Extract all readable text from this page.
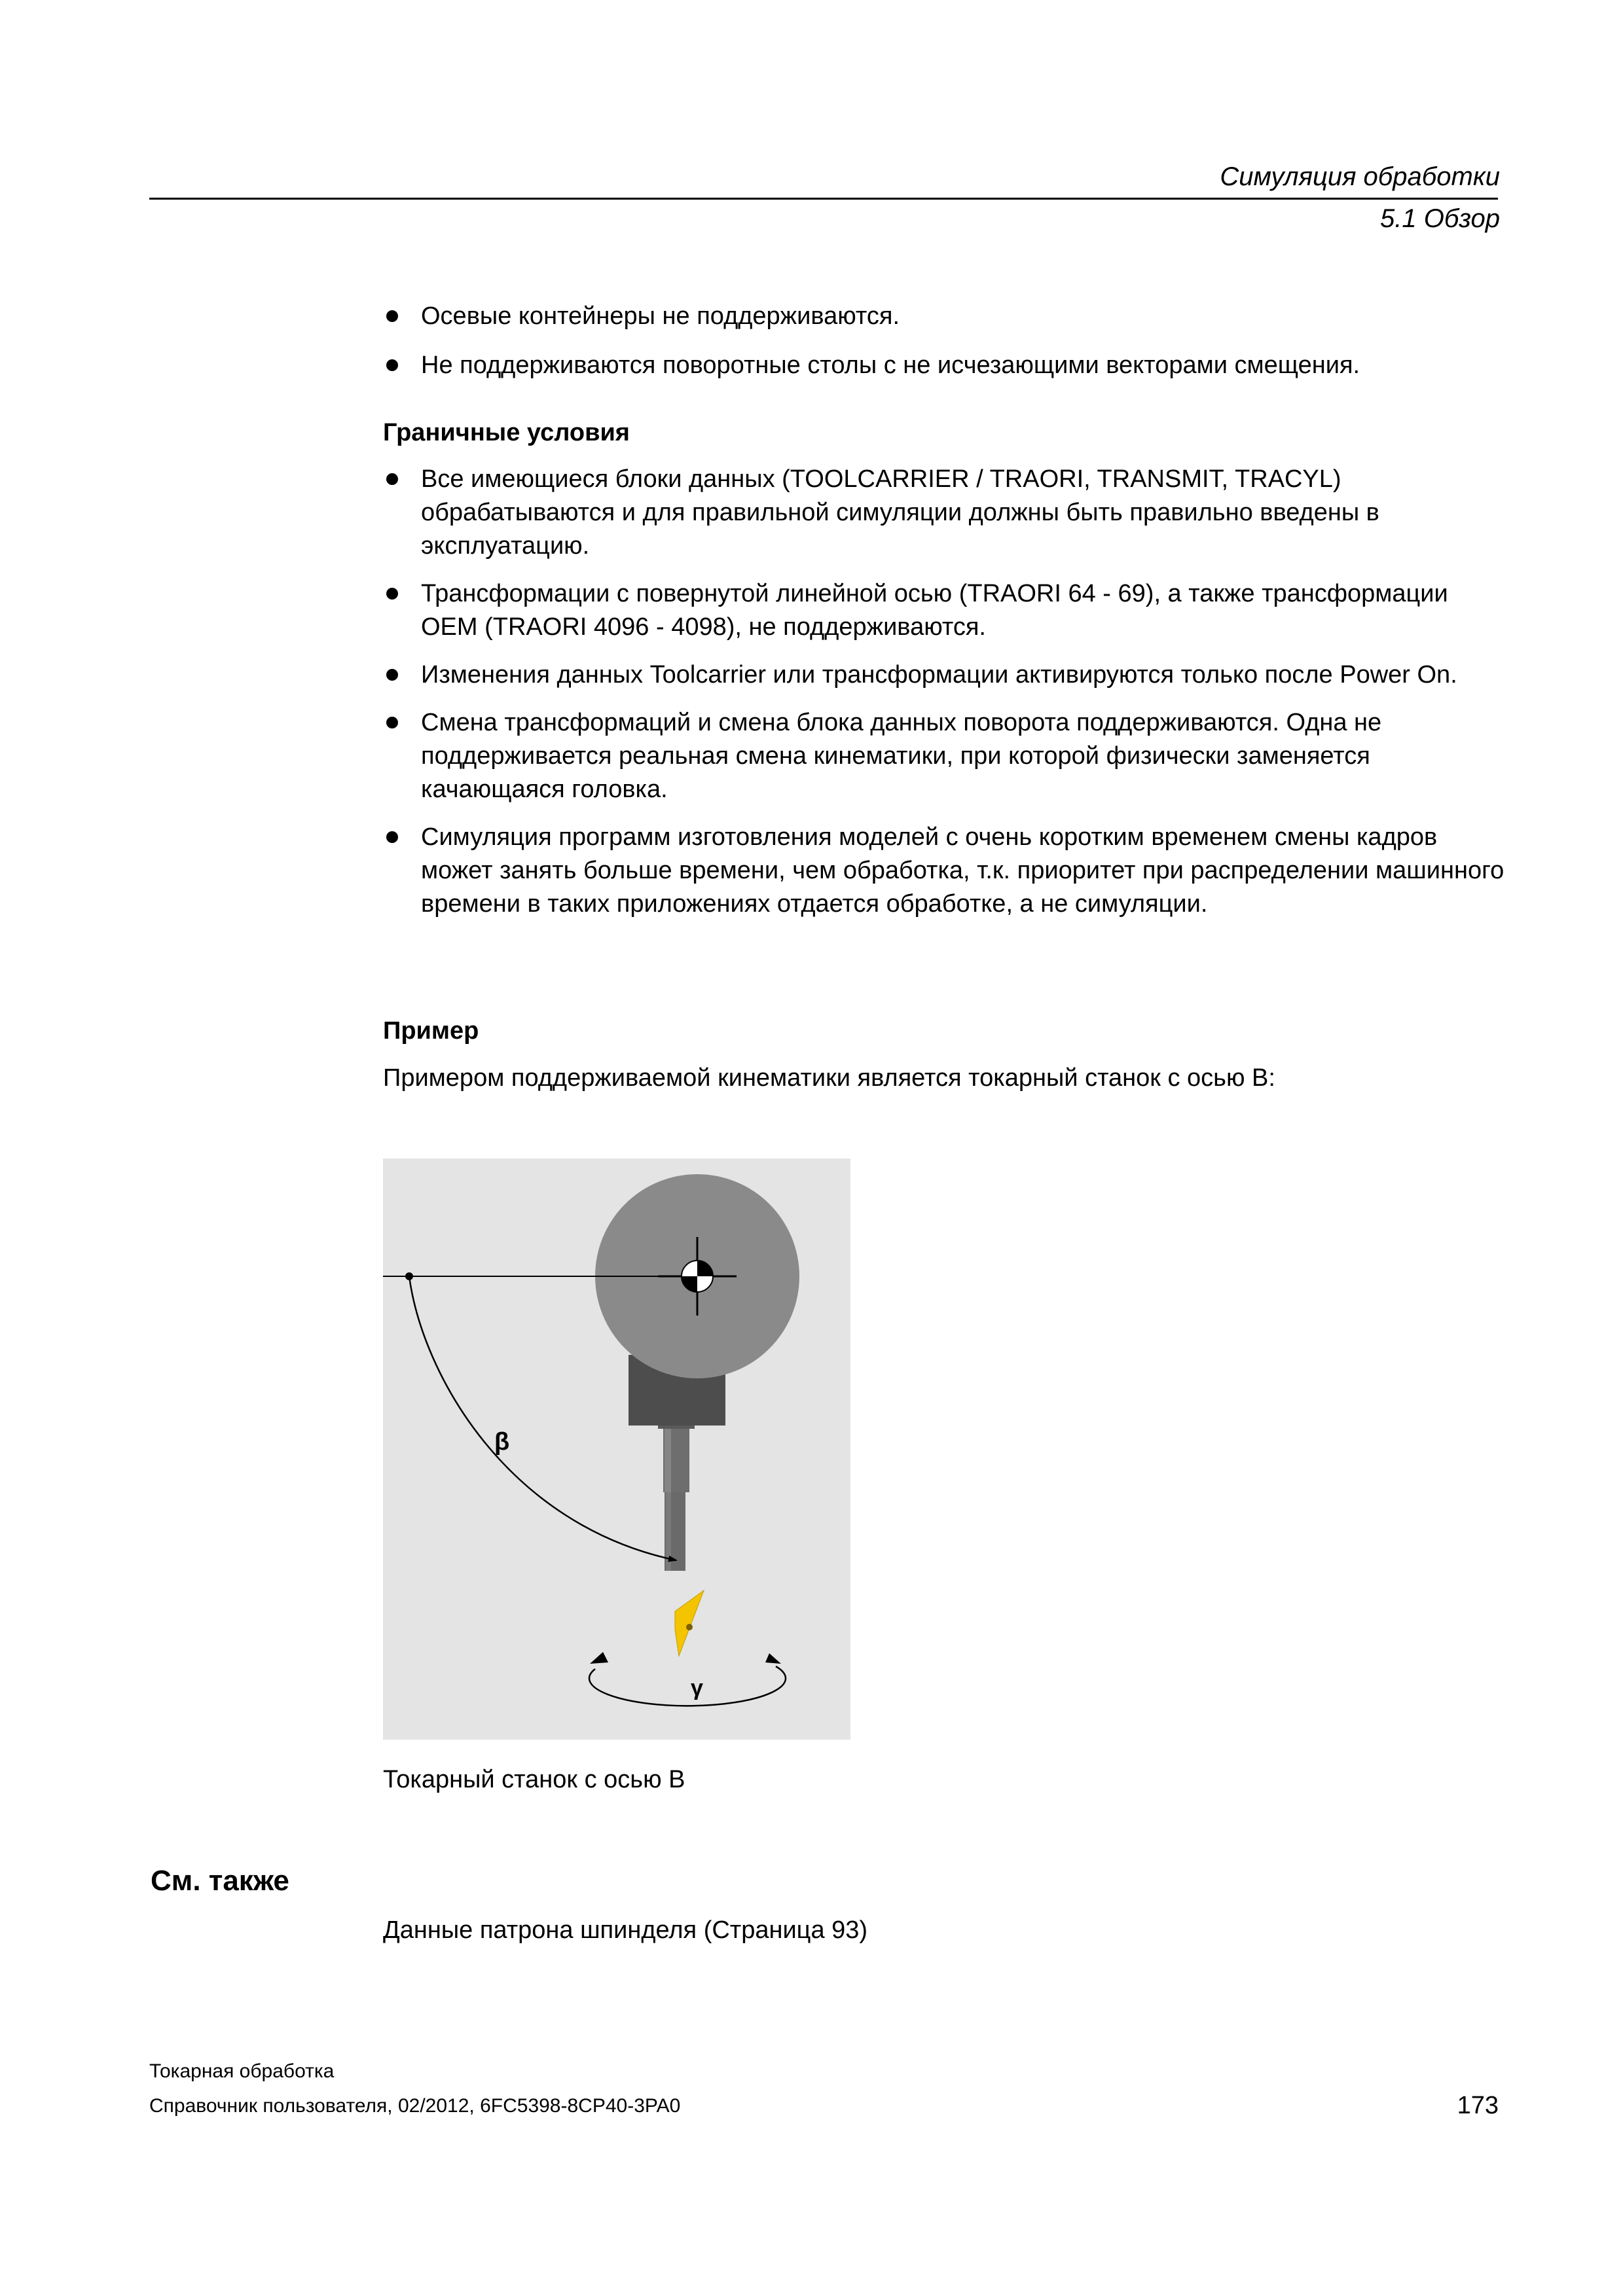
Симуляция обработки
5.1 Обзор
Осевые контейнеры не поддерживаются.
Не поддерживаются поворотные столы с не исчезающими векторами смещения.
Граничные условия
Все имеющиеся блоки данных (TOOLCARRIER / TRAORI, TRANSMIT, TRACYL) обрабатываются и для правильной симуляции должны быть правильно введены в эксплуатацию.
Трансформации с повернутой линейной осью (TRAORI 64 - 69), а также трансформации OEM (TRAORI 4096 - 4098), не поддерживаются.
Изменения данных Toolcarrier или трансформации активируются только после Power On.
Смена трансформаций и смена блока данных поворота поддерживаются. Одна не поддерживается реальная смена кинематики, при которой физически заменяется качающаяся головка.
Симуляция программ изготовления моделей с очень коротким временем смены кадров может занять больше времени, чем обработка, т.к. приоритет при распределении машинного времени в таких приложениях отдается обработке, а не симуляции.
Пример
Примером поддерживаемой кинематики является токарный станок с осью B:
β
γ
Токарный станок с осью B
См. также
Данные патрона шпинделя (Страница 93)
Токарная обработка
Справочник пользователя, 02/2012, 6FC5398-8CP40-3PA0	173
